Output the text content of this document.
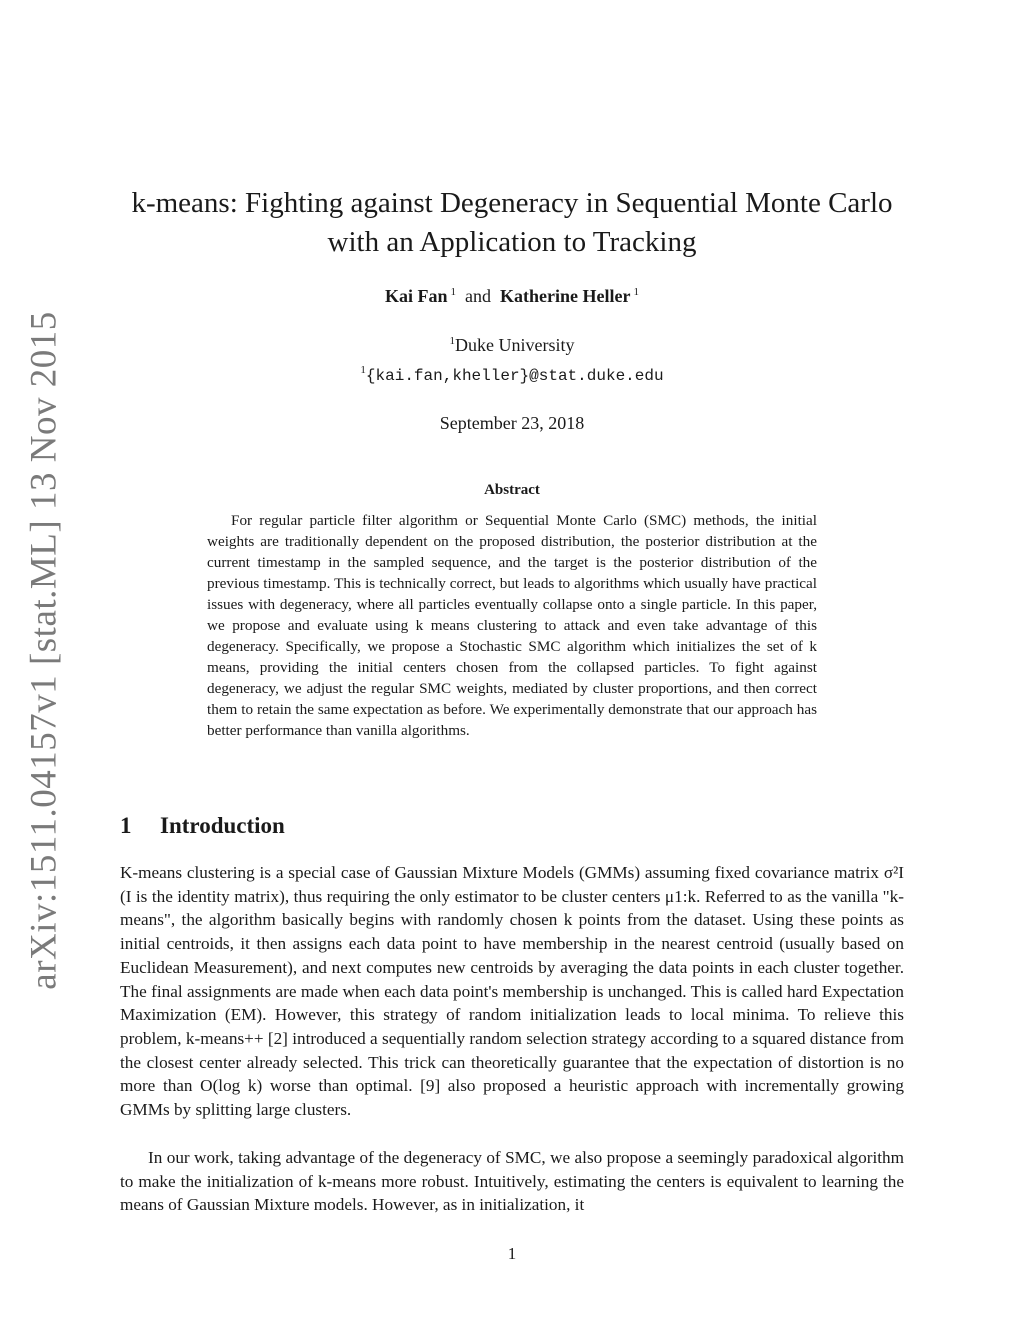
arXiv:1511.04157v1 [stat.ML] 13 Nov 2015
k-means: Fighting against Degeneracy in Sequential Monte Carlo
with an Application to Tracking
Kai Fan $^1$ and Katherine Heller $^1$
$^1$Duke University
$^1${kai.fan,kheller}@stat.duke.edu
September 23, 2018
Abstract

For regular particle filter algorithm or Sequential Monte Carlo (SMC) methods, the initial weights are traditionally dependent on the proposed distribution, the posterior distribution at the current timestamp in the sampled sequence, and the target is the posterior distribution of the previous timestamp. This is technically correct, but leads to algorithms which usually have practical issues with degeneracy, where all particles eventually collapse onto a single particle. In this paper, we propose and evaluate using k means clustering to attack and even take advantage of this degeneracy. Specifically, we propose a Stochastic SMC algorithm which initializes the set of k means, providing the initial centers chosen from the collapsed particles. To fight against degeneracy, we adjust the regular SMC weights, mediated by cluster proportions, and then correct them to retain the same expectation as before. We experimentally demonstrate that our approach has better performance than vanilla algorithms.

1 Introduction

K-means clustering is a special case of Gaussian Mixture Models (GMMs) assuming fixed covariance matrix σ²I (I is the identity matrix), thus requiring the only estimator to be cluster centers μ1:k. Referred to as the vanilla "k-means", the algorithm basically begins with randomly chosen k points from the dataset. Using these points as initial centroids, it then assigns each data point to have membership in the nearest centroid (usually based on Euclidean Measurement), and next computes new centroids by averaging the data points in each cluster together. The final assignments are made when each data point's membership is unchanged. This is called hard Expectation Maximization (EM). However, this strategy of random initialization leads to local minima. To relieve this problem, k-means++ [2] introduced a sequentially random selection strategy according to a squared distance from the closest center already selected. This trick can theoretically guarantee that the expectation of distortion is no more than O(log k) worse than optimal. [9] also proposed a heuristic approach with incrementally growing GMMs by splitting large clusters.

In our work, taking advantage of the degeneracy of SMC, we also propose a seemingly paradoxical algorithm to make the initialization of k-means more robust. Intuitively, estimating the centers is equivalent to learning the means of Gaussian Mixture models. However, as in initialization, it

1
